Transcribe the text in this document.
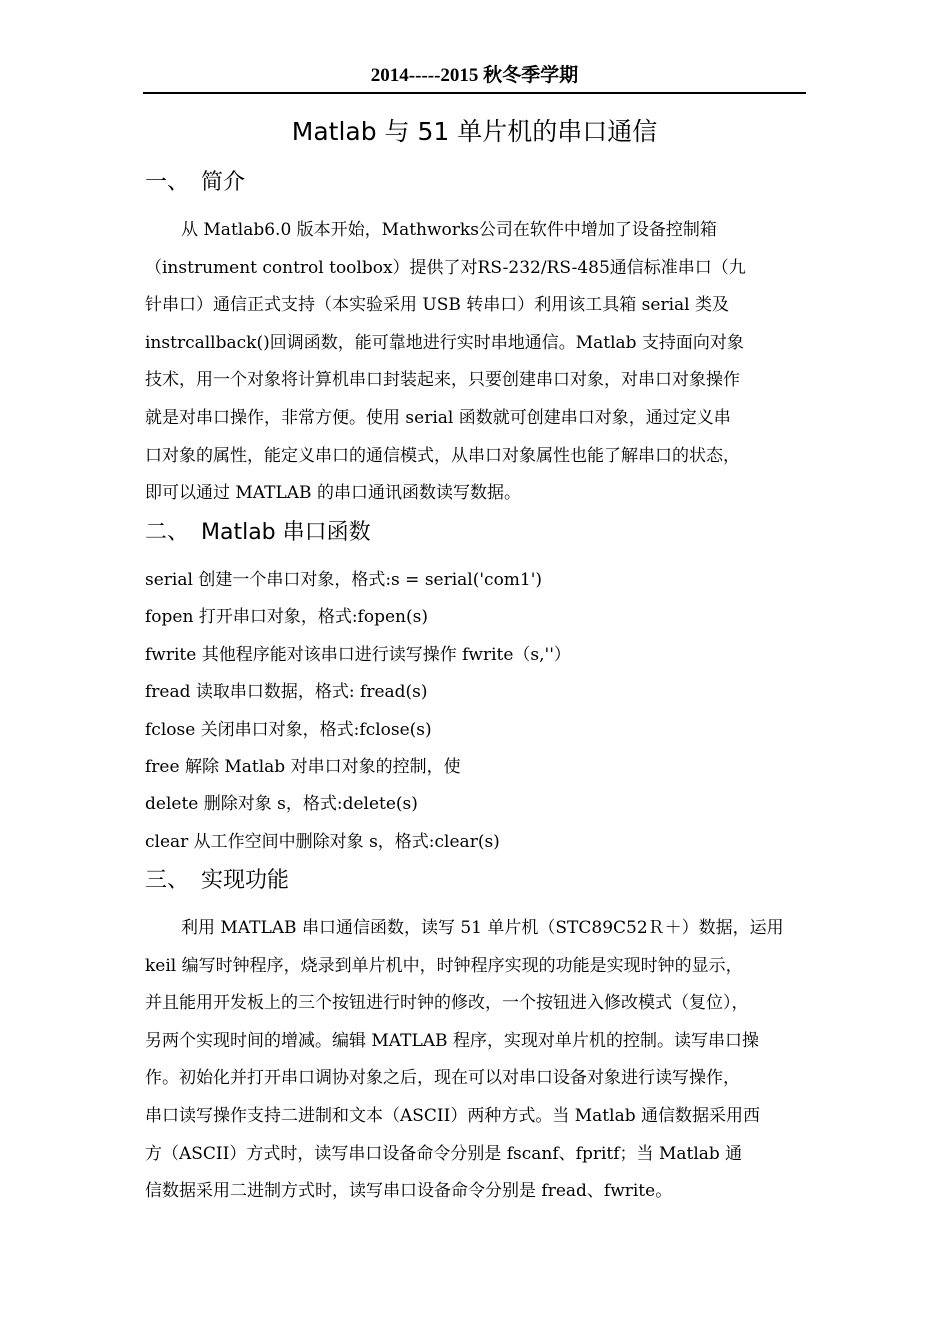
2014-----2015 秋冬季学期
Matlab 与 51 单片机的串口通信
一、 简介
从 Matlab6.0 版本开始，Mathworks公司在软件中增加了设备控制箱
（instrument control toolbox）提供了对RS-232/RS-485通信标准串口（九
针串口）通信正式支持（本实验采用 USB 转串口）利用该工具箱 serial 类及
instrcallback()回调函数，能可靠地进行实时串地通信。Matlab 支持面向对象
技术，用一个对象将计算机串口封装起来，只要创建串口对象，对串口对象操作
就是对串口操作，非常方便。使用 serial 函数就可创建串口对象，通过定义串
口对象的属性，能定义串口的通信模式，从串口对象属性也能了解串口的状态，
即可以通过 MATLAB 的串口通讯函数读写数据。
二、 Matlab 串口函数
serial 创建一个串口对象，格式:s = serial('com1')
fopen 打开串口对象，格式:fopen(s)
fwrite 其他程序能对该串口进行读写操作 fwrite（s,''）
fread 读取串口数据，格式: fread(s)
fclose 关闭串口对象，格式:fclose(s)
free 解除 Matlab 对串口对象的控制，使
delete 删除对象 s，格式:delete(s)
clear 从工作空间中删除对象 s，格式:clear(s)
三、 实现功能
利用 MATLAB 串口通信函数，读写 51 单片机（STC89C52Ｒ＋）数据，运用
keil 编写时钟程序，烧录到单片机中，时钟程序实现的功能是实现时钟的显示，
并且能用开发板上的三个按钮进行时钟的修改，一个按钮进入修改模式（复位），
另两个实现时间的增减。编辑 MATLAB 程序，实现对单片机的控制。读写串口操
作。初始化并打开串口调协对象之后，现在可以对串口设备对象进行读写操作，
串口读写操作支持二进制和文本（ASCII）两种方式。当 Matlab 通信数据采用西
方（ASCII）方式时，读写串口设备命令分别是 fscanf、fpritf；当 Matlab 通
信数据采用二进制方式时，读写串口设备命令分别是 fread、fwrite。
